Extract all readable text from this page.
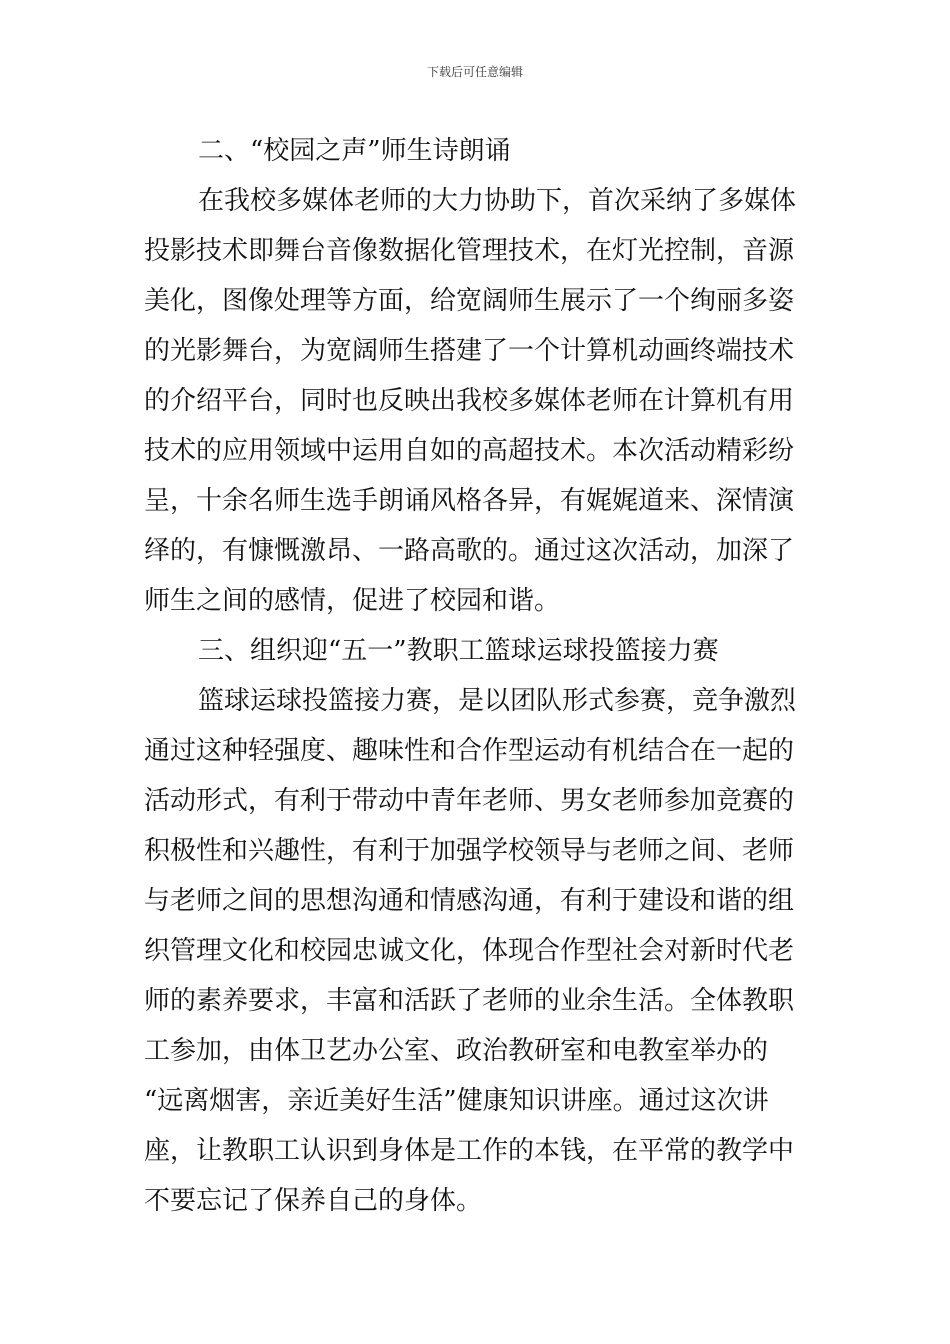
下载后可任意编辑
二、“校园之声”师生诗朗诵
在我校多媒体老师的大力协助下，首次采纳了多媒体
投影技术即舞台音像数据化管理技术，在灯光控制，音源
美化，图像处理等方面，给宽阔师生展示了一个绚丽多姿
的光影舞台，为宽阔师生搭建了一个计算机动画终端技术
的介绍平台，同时也反映出我校多媒体老师在计算机有用
技术的应用领域中运用自如的高超技术。本次活动精彩纷
呈，十余名师生选手朗诵风格各异，有娓娓道来、深情演
绎的，有慷慨激昂、一路高歌的。通过这次活动，加深了
师生之间的感情，促进了校园和谐。
三、组织迎“五一”教职工篮球运球投篮接力赛
篮球运球投篮接力赛，是以团队形式参赛，竞争激烈
通过这种轻强度、趣味性和合作型运动有机结合在一起的
活动形式，有利于带动中青年老师、男女老师参加竞赛的
积极性和兴趣性，有利于加强学校领导与老师之间、老师
与老师之间的思想沟通和情感沟通，有利于建设和谐的组
织管理文化和校园忠诚文化，体现合作型社会对新时代老
师的素养要求，丰富和活跃了老师的业余生活。全体教职
工参加，由体卫艺办公室、政治教研室和电教室举办的
“远离烟害，亲近美好生活”健康知识讲座。通过这次讲
座，让教职工认识到身体是工作的本钱，在平常的教学中
不要忘记了保养自己的身体。
